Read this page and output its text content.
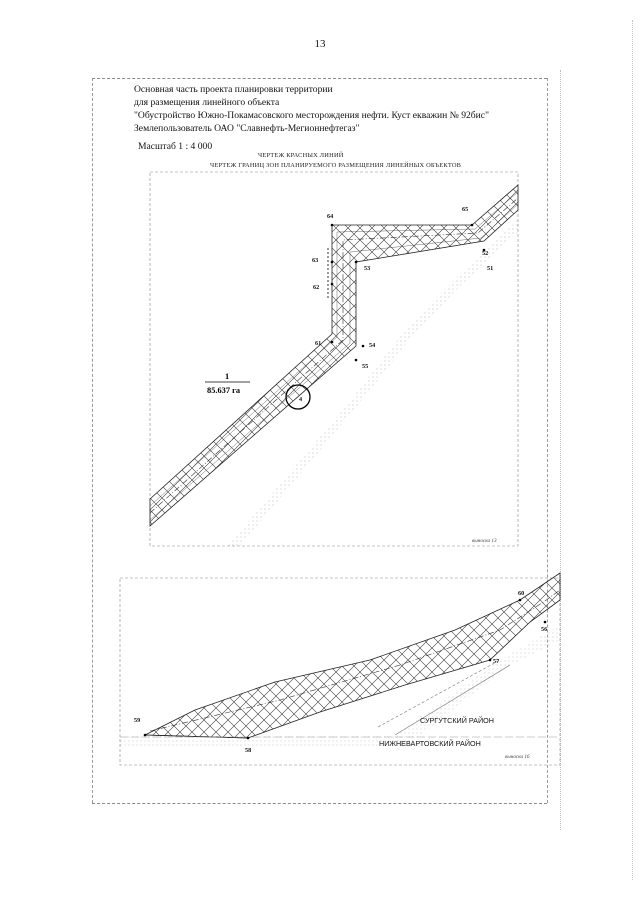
13
Основная часть проекта планировки территории
для размещения линейного объекта
"Обустройство Южно-Покамасовского месторождения нефти. Куст екважин № 92бис"
Землепользователь ОАО "Славнефть-Мегионнефтегаз"
Масштаб 1 : 4 000
ЧЕРТЕЖ КРАСНЫХ ЛИНИЙ
ЧЕРТЕЖ ГРАНИЦ ЗОН ПЛАНИРУЕМОГО РАЗМЕЩЕНИЯ ЛИНЕЙНЫХ ОБЪЕКТОВ
64
65
63
53
52
51
62
61	54
55
1
85.637 га
4
выноска 13
60
56
57
59
58
СУРГУТСКИЙ РАЙОН
НИЖНЕВАРТОВСКИЙ РАЙОН
выноска 16
